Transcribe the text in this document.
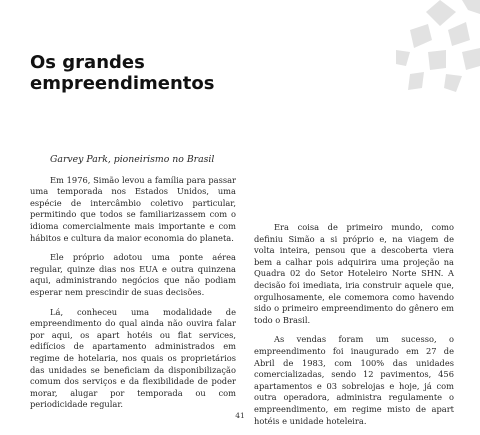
Os grandes
empreendimentos

Garvey Park, pioneirismo no Brasil

Em 1976, Simão levou a família para passar uma temporada nos Estados Unidos, uma espécie de intercâmbio coletivo particular, permitindo que todos se familiarizassem com o idioma comercialmente mais importante e com hábitos e cultura da maior economia do planeta.

Ele próprio adotou uma ponte aérea regular, quinze dias nos EUA e outra quinzena aqui, administrando negócios que não podiam esperar nem prescindir de suas decisões.

Lá, conheceu uma modalidade de empreendimento do qual ainda não ouvira falar por aqui, os apart hotéis ou flat services, edifícios de apartamento administrados em regime de hotelaria, nos quais os proprietários das unidades se beneficiam da disponibilização comum dos serviços e da flexibilidade de poder morar, alugar por temporada ou com periodicidade regular.

Era coisa de primeiro mundo, como definiu Simão a si próprio e, na viagem de volta inteira, pensou que a descoberta viera bem a calhar pois adquirira uma projeção na Quadra 02 do Setor Hoteleiro Norte SHN. A decisão foi imediata, iria construir aquele que, orgulhosamente, ele comemora como havendo sido o primeiro empreendimento do gênero em todo o Brasil.

As vendas foram um sucesso, o empreendimento foi inaugurado em 27 de Abril de 1983, com 100% das unidades comercializadas, sendo 12 pavimentos, 456 apartamentos e 03 sobrelojas e hoje, já com outra operadora, administra regulamente o empreendimento, em regime misto de apart hotéis e unidade hoteleira.

41
